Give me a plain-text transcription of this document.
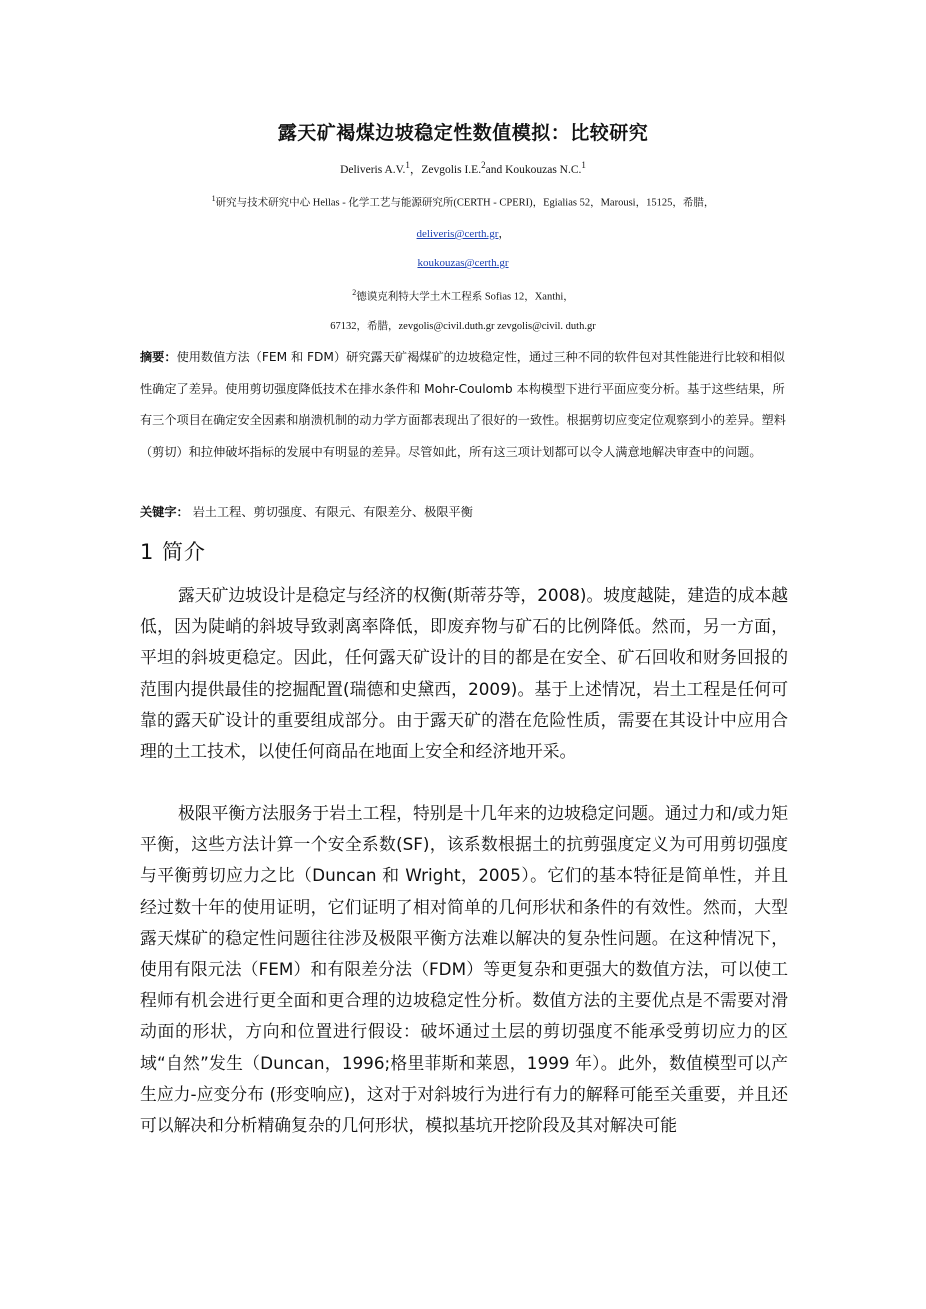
露天矿褐煤边坡稳定性数值模拟：比较研究
Deliveris A.V.$^1$，Zevgolis I.E.$^2$and Koukouzas N.C.$^1$
$^1$研究与技术研究中心 Hellas - 化学工艺与能源研究所(CERTH - CPERI)，Egialias 52，Marousi，15125，希腊，
deliveris@certh.gr，
koukouzas@certh.gr
$^2$德谟克利特大学土木工程系 Sofias 12，Xanthi，
67132，希腊，zevgolis@civil.duth.gr zevgolis@civil. duth.gr

摘要：使用数值方法（FEM 和 FDM）研究露天矿褐煤矿的边坡稳定性，通过三种不同的软件包对其性能进行比较和相似性确定了差异。使用剪切强度降低技术在排水条件和 Mohr-Coulomb 本构模型下进行平面应变分析。基于这些结果，所有三个项目在确定安全因素和崩溃机制的动力学方面都表现出了很好的一致性。根据剪切应变定位观察到小的差异。塑料（剪切）和拉伸破坏指标的发展中有明显的差异。尽管如此，所有这三项计划都可以令人满意地解决审查中的问题。

关键字： 岩土工程、剪切强度、有限元、有限差分、极限平衡
1 简介

露天矿边坡设计是稳定与经济的权衡(斯蒂芬等，2008)。坡度越陡，建造的成本越低，因为陡峭的斜坡导致剥离率降低，即废弃物与矿石的比例降低。然而，另一方面，平坦的斜坡更稳定。因此，任何露天矿设计的目的都是在安全、矿石回收和财务回报的范围内提供最佳的挖掘配置(瑞德和史黛西，2009)。基于上述情况，岩土工程是任何可靠的露天矿设计的重要组成部分。由于露天矿的潜在危险性质，需要在其设计中应用合理的土工技术，以使任何商品在地面上安全和经济地开采。

极限平衡方法服务于岩土工程，特别是十几年来的边坡稳定问题。通过力和/或力矩平衡，这些方法计算一个安全系数(SF)，该系数根据土的抗剪强度定义为可用剪切强度与平衡剪切应力之比（Duncan 和 Wright，2005）。它们的基本特征是简单性，并且经过数十年的使用证明，它们证明了相对简单的几何形状和条件的有效性。然而，大型露天煤矿的稳定性问题往往涉及极限平衡方法难以解决的复杂性问题。在这种情况下，使用有限元法（FEM）和有限差分法（FDM）等更复杂和更强大的数值方法，可以使工程师有机会进行更全面和更合理的边坡稳定性分析。数值方法的主要优点是不需要对滑动面的形状，方向和位置进行假设：破坏通过土层的剪切强度不能承受剪切应力的区域“自然”发生（Duncan，1996;格里菲斯和莱恩，1999 年）。此外，数值模型可以产生应力-应变分布 (形变响应)，这对于对斜坡行为进行有力的解释可能至关重要，并且还可以解决和分析精确复杂的几何形状，模拟基坑开挖阶段及其对解决可能
